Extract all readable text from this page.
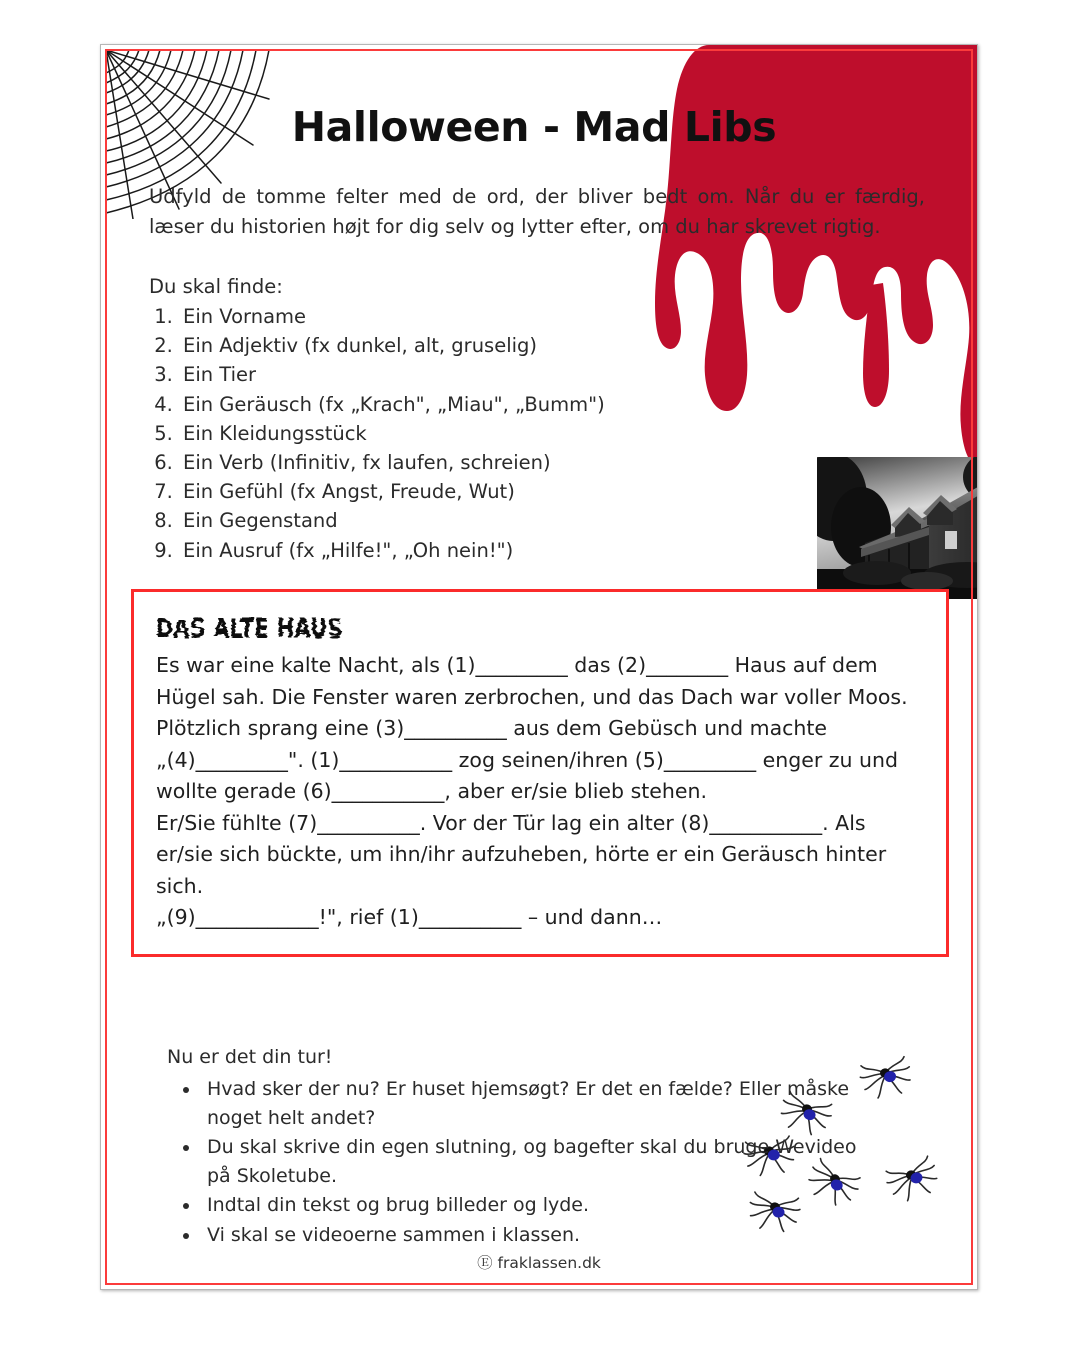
Halloween - Mad Libs

Udfyld de tomme felter med de ord, der bliver bedt om. Når du er færdig, læser du historien højt for dig selv og lytter efter, om du har skrevet rigtig.

Du skal finde:

1. Ein Vorname
2. Ein Adjektiv (fx dunkel, alt, gruselig)
3. Ein Tier
4. Ein Geräusch (fx „Krach", „Miau", „Bumm")
5. Ein Kleidungsstück
6. Ein Verb (Infinitiv, fx laufen, schreien)
7. Ein Gefühl (fx Angst, Freude, Wut)
8. Ein Gegenstand
9. Ein Ausruf (fx „Hilfe!", „Oh nein!")
DAS ALTE HAUS

Es war eine kalte Nacht, als (1)_________ das (2)________ Haus auf dem Hügel sah. Die Fenster waren zerbrochen, und das Dach war voller Moos.

Plötzlich sprang eine (3)__________ aus dem Gebüsch und machte „(4)_________". (1)___________ zog seinen/ihren (5)_________ enger zu und wollte gerade (6)___________, aber er/sie blieb stehen.

Er/Sie fühlte (7)__________. Vor der Tür lag ein alter (8)___________. Als er/sie sich bückte, um ihn/ihr aufzuheben, hörte er ein Geräusch hinter sich.

„(9)____________!", rief (1)__________ – und dann…

Nu er det din tur!

• Hvad sker der nu? Er huset hjemsøgt? Er det en fælde? Eller måske noget helt andet?
• Du skal skrive din egen slutning, og bagefter skal du bruge Wevideo på Skoletube.
• Indtal din tekst og brug billeder og lyde.
• Vi skal se videoerne sammen i klassen.
Ⓔ fraklassen.dk
